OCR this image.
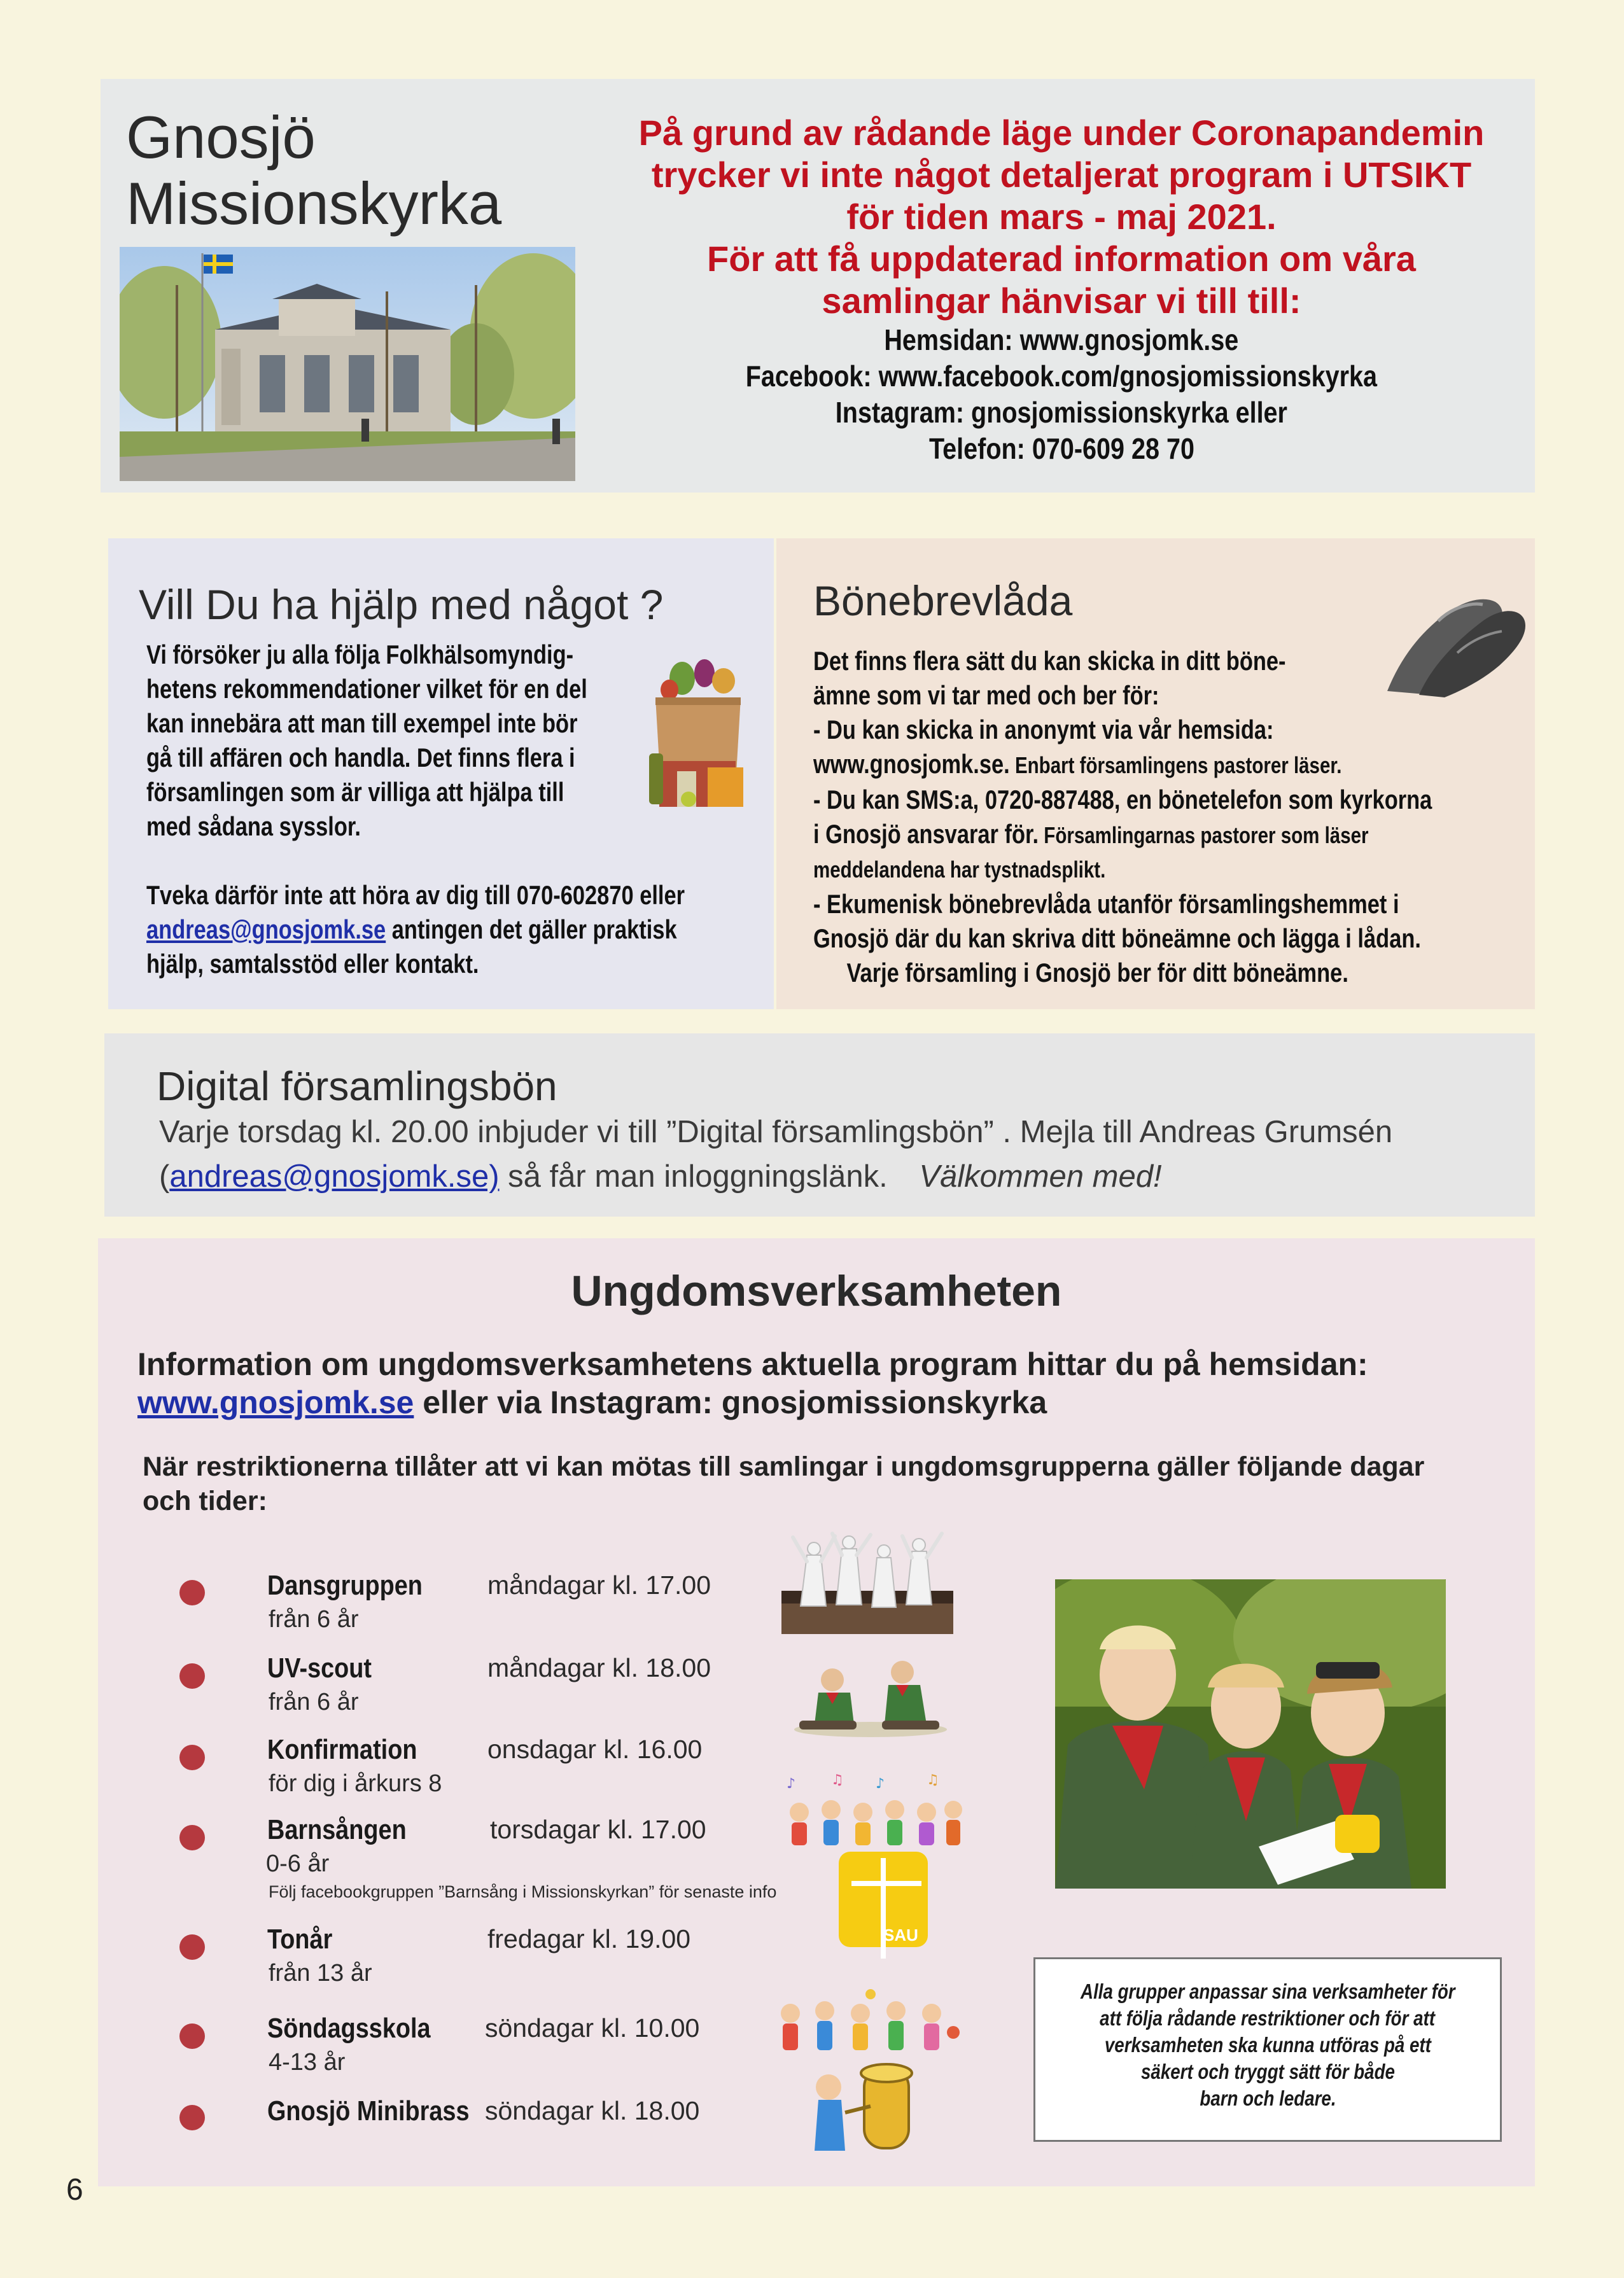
Gnosjö
Missionskyrka
På grund av rådande läge under Coronapandemin
trycker vi inte något detaljerat program i UTSIKT
för tiden mars - maj 2021.
För att få uppdaterad information om våra
samlingar hänvisar vi till till:
Hemsidan: www.gnosjomk.se
Facebook: www.facebook.com/gnosjomissionskyrka
Instagram: gnosjomissionskyrka eller
Telefon: 070-609 28 70
Vill Du ha hjälp med något ?
Vi försöker ju alla följa Folkhälsomyndig-
hetens rekommendationer vilket för en del
kan innebära att man till exempel inte bör
gå till affären och handla. Det finns flera i
församlingen som är villiga att hjälpa till
med sådana sysslor.
Tveka därför inte att höra av dig till 070-602870 eller
andreas@gnosjomk.se antingen det gäller praktisk
hjälp, samtalsstöd eller kontakt.
Bönebrevlåda
Det finns flera sätt du kan skicka in ditt böne-
ämne som vi tar med och ber för:
- Du kan skicka in anonymt via vår hemsida:
www.gnosjomk.se. Enbart församlingens pastorer läser.
- Du kan SMS:a, 0720-887488, en bönetelefon som kyrkorna
i Gnosjö ansvarar för. Församlingarnas pastorer som läser
meddelandena har tystnadsplikt.
- Ekumenisk bönebrevlåda utanför församlingshemmet i
Gnosjö där du kan skriva ditt böneämne och lägga i lådan.
Varje församling i Gnosjö ber för ditt böneämne.
Digital församlingsbön
Varje torsdag kl. 20.00 inbjuder vi till ”Digital församlingsbön” . Mejla till Andreas Grumsén
(andreas@gnosjomk.se) så får man inloggningslänk. Välkommen med!
Ungdomsverksamheten
Information om ungdomsverksamhetens aktuella program hittar du på hemsidan:
www.gnosjomk.se eller via Instagram: gnosjomissionskyrka
När restriktionerna tillåter att vi kan mötas till samlingar i ungdomsgrupperna gäller följande dagar
och tider:
Dansgruppen måndagar kl. 17.00
från 6 år
UV-scout	måndagar kl. 18.00
från 6 år
Konfirmation	onsdagar kl. 16.00
för dig i årkurs 8
Barnsången	torsdagar kl. 17.00
0-6 år
Följ facebookgruppen ”Barnsång i Missionskyrkan” för senaste info
Tonår	fredagar kl. 19.00
från 13 år
Söndagsskola söndagar kl. 10.00
4-13 år
Gnosjö Minibrass söndagar kl. 18.00
♪	♫ ♪	♫
SAU
Alla grupper anpassar sina verksamheter för
att följa rådande restriktioner och för att
verksamheten ska kunna utföras på ett
säkert och tryggt sätt för både
barn och ledare.
6
